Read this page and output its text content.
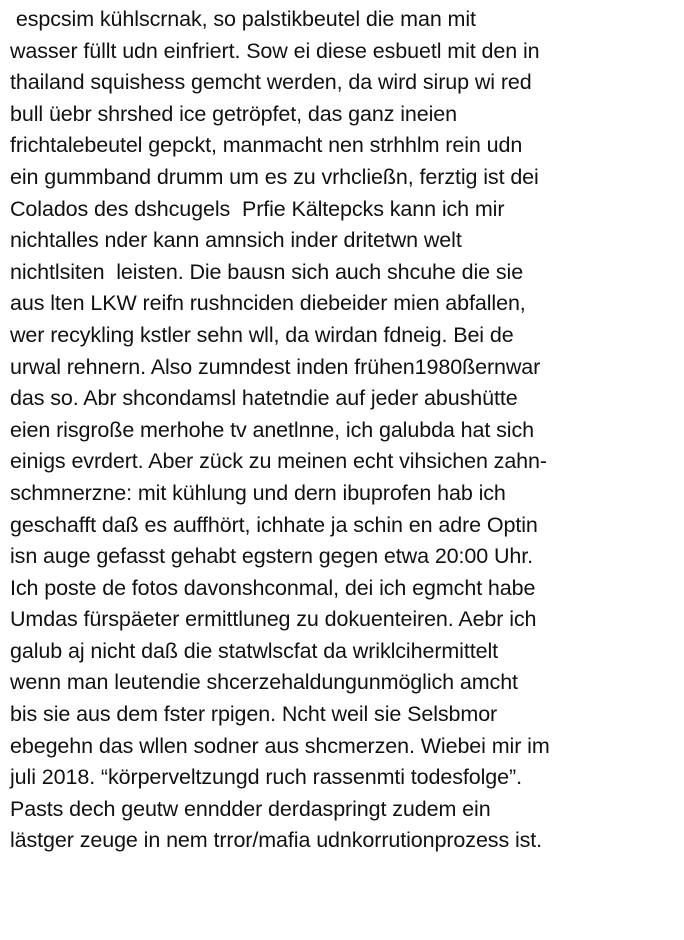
espcsim kühlscrnak, so palstikbeutel die man mit
wasser füllt udn einfriert. Sow ei diese esbuetl mit den in
thailand squishess gemcht werden, da wird sirup wi red
bull üebr shrshed ice getröpfet, das ganz ineien
frichtalebeutel gepckt, manmacht nen strhhlm rein udn
ein gummband drumm um es zu vrhcließn, ferztig ist dei
Colados des dshcugels  Prfie Kältepcks kann ich mir
nichtalles nder kann amnsich inder dritetwn welt
nichtlsiten  leisten. Die bausn sich auch shcuhe die sie
aus lten LKW reifn rushnciden diebeider mien abfallen,
wer recykling kstler sehn wll, da wirdan fdneig. Bei de
urwal rehnern. Also zumndest inden frühen1980ßernwar
das so. Abr shcondamsl hatetndie auf jeder abushütte
eien risgroße merhohe tv anetlnne, ich galubda hat sich
einigs evrdert. Aber zück zu meinen echt vihsichen zahn-
schmnerzne: mit kühlung und dern ibuprofen hab ich
geschafft daß es auffhört, ichhate ja schin en adre Optin
isn auge gefasst gehabt egstern gegen etwa 20:00 Uhr.
Ich poste de fotos davonshconmal, dei ich egmcht habe
Umdas fürspäeter ermittluneg zu dokuenteiren. Aebr ich
galub aj nicht daß die statwlscfat da wriklcihermittelt
wenn man leutendie shcerzehaldungunmöglich amcht
bis sie aus dem fster rpigen. Ncht weil sie Selsbmor
ebegehn das wllen sodner aus shcmerzen. Wiebei mir im
juli 2018. “körperveltzungd ruch rassenmti todesfolge”.
Pasts dech geutw enndder derdaspringt zudem ein
lästger zeuge in nem trror/mafia udnkorrutionprozess ist.
